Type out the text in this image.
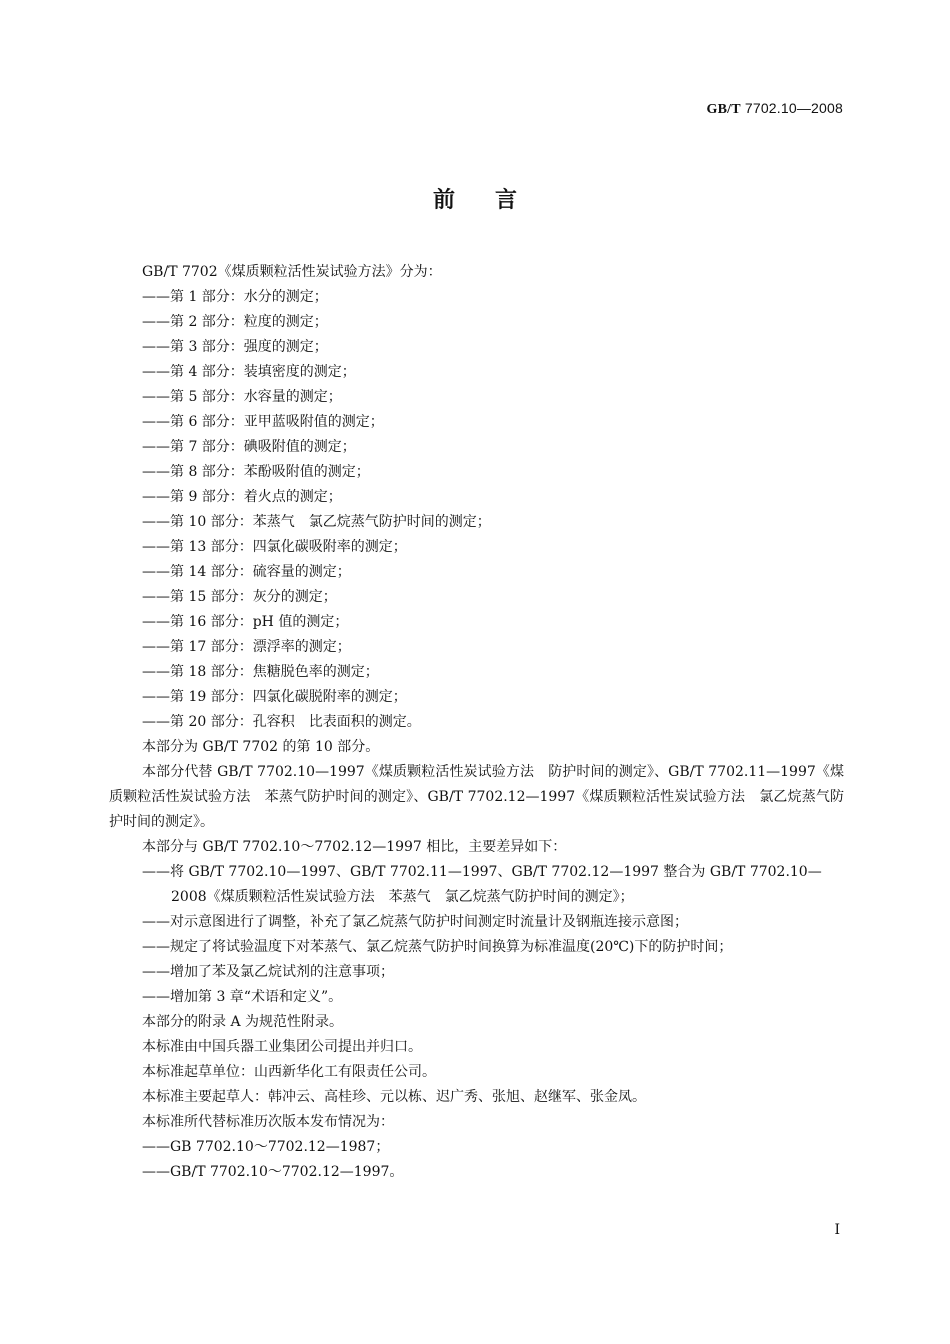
GB/T 7702.10—2008
前言

GB/T 7702《煤质颗粒活性炭试验方法》分为：

——第 1 部分：水分的测定；

——第 2 部分：粒度的测定；

——第 3 部分：强度的测定；

——第 4 部分：装填密度的测定；

——第 5 部分：水容量的测定；

——第 6 部分：亚甲蓝吸附值的测定；

——第 7 部分：碘吸附值的测定；

——第 8 部分：苯酚吸附值的测定；

——第 9 部分：着火点的测定；

——第 10 部分：苯蒸气　氯乙烷蒸气防护时间的测定；

——第 13 部分：四氯化碳吸附率的测定；

——第 14 部分：硫容量的测定；

——第 15 部分：灰分的测定；

——第 16 部分：pH 值的测定；

——第 17 部分：漂浮率的测定；

——第 18 部分：焦糖脱色率的测定；

——第 19 部分：四氯化碳脱附率的测定；

——第 20 部分：孔容积　比表面积的测定。

本部分为 GB/T 7702 的第 10 部分。

本部分代替 GB/T 7702.10—1997《煤质颗粒活性炭试验方法　防护时间的测定》、GB/T 7702.11—1997《煤质颗粒活性炭试验方法　苯蒸气防护时间的测定》、GB/T 7702.12—1997《煤质颗粒活性炭试验方法　氯乙烷蒸气防护时间的测定》。

本部分与 GB/T 7702.10～7702.12—1997 相比，主要差异如下：

——将 GB/T 7702.10—1997、GB/T 7702.11—1997、GB/T 7702.12—1997 整合为 GB/T 7702.10—
2008《煤质颗粒活性炭试验方法　苯蒸气　氯乙烷蒸气防护时间的测定》；

——对示意图进行了调整，补充了氯乙烷蒸气防护时间测定时流量计及钢瓶连接示意图；

——规定了将试验温度下对苯蒸气、氯乙烷蒸气防护时间换算为标准温度(20℃)下的防护时间；

——增加了苯及氯乙烷试剂的注意事项；

——增加第 3 章“术语和定义”。

本部分的附录 A 为规范性附录。

本标准由中国兵器工业集团公司提出并归口。

本标准起草单位：山西新华化工有限责任公司。

本标准主要起草人：韩冲云、高桂珍、元以栋、迟广秀、张旭、赵继军、张金凤。

本标准所代替标准历次版本发布情况为：

——GB 7702.10～7702.12—1987；

——GB/T 7702.10～7702.12—1997。

I
